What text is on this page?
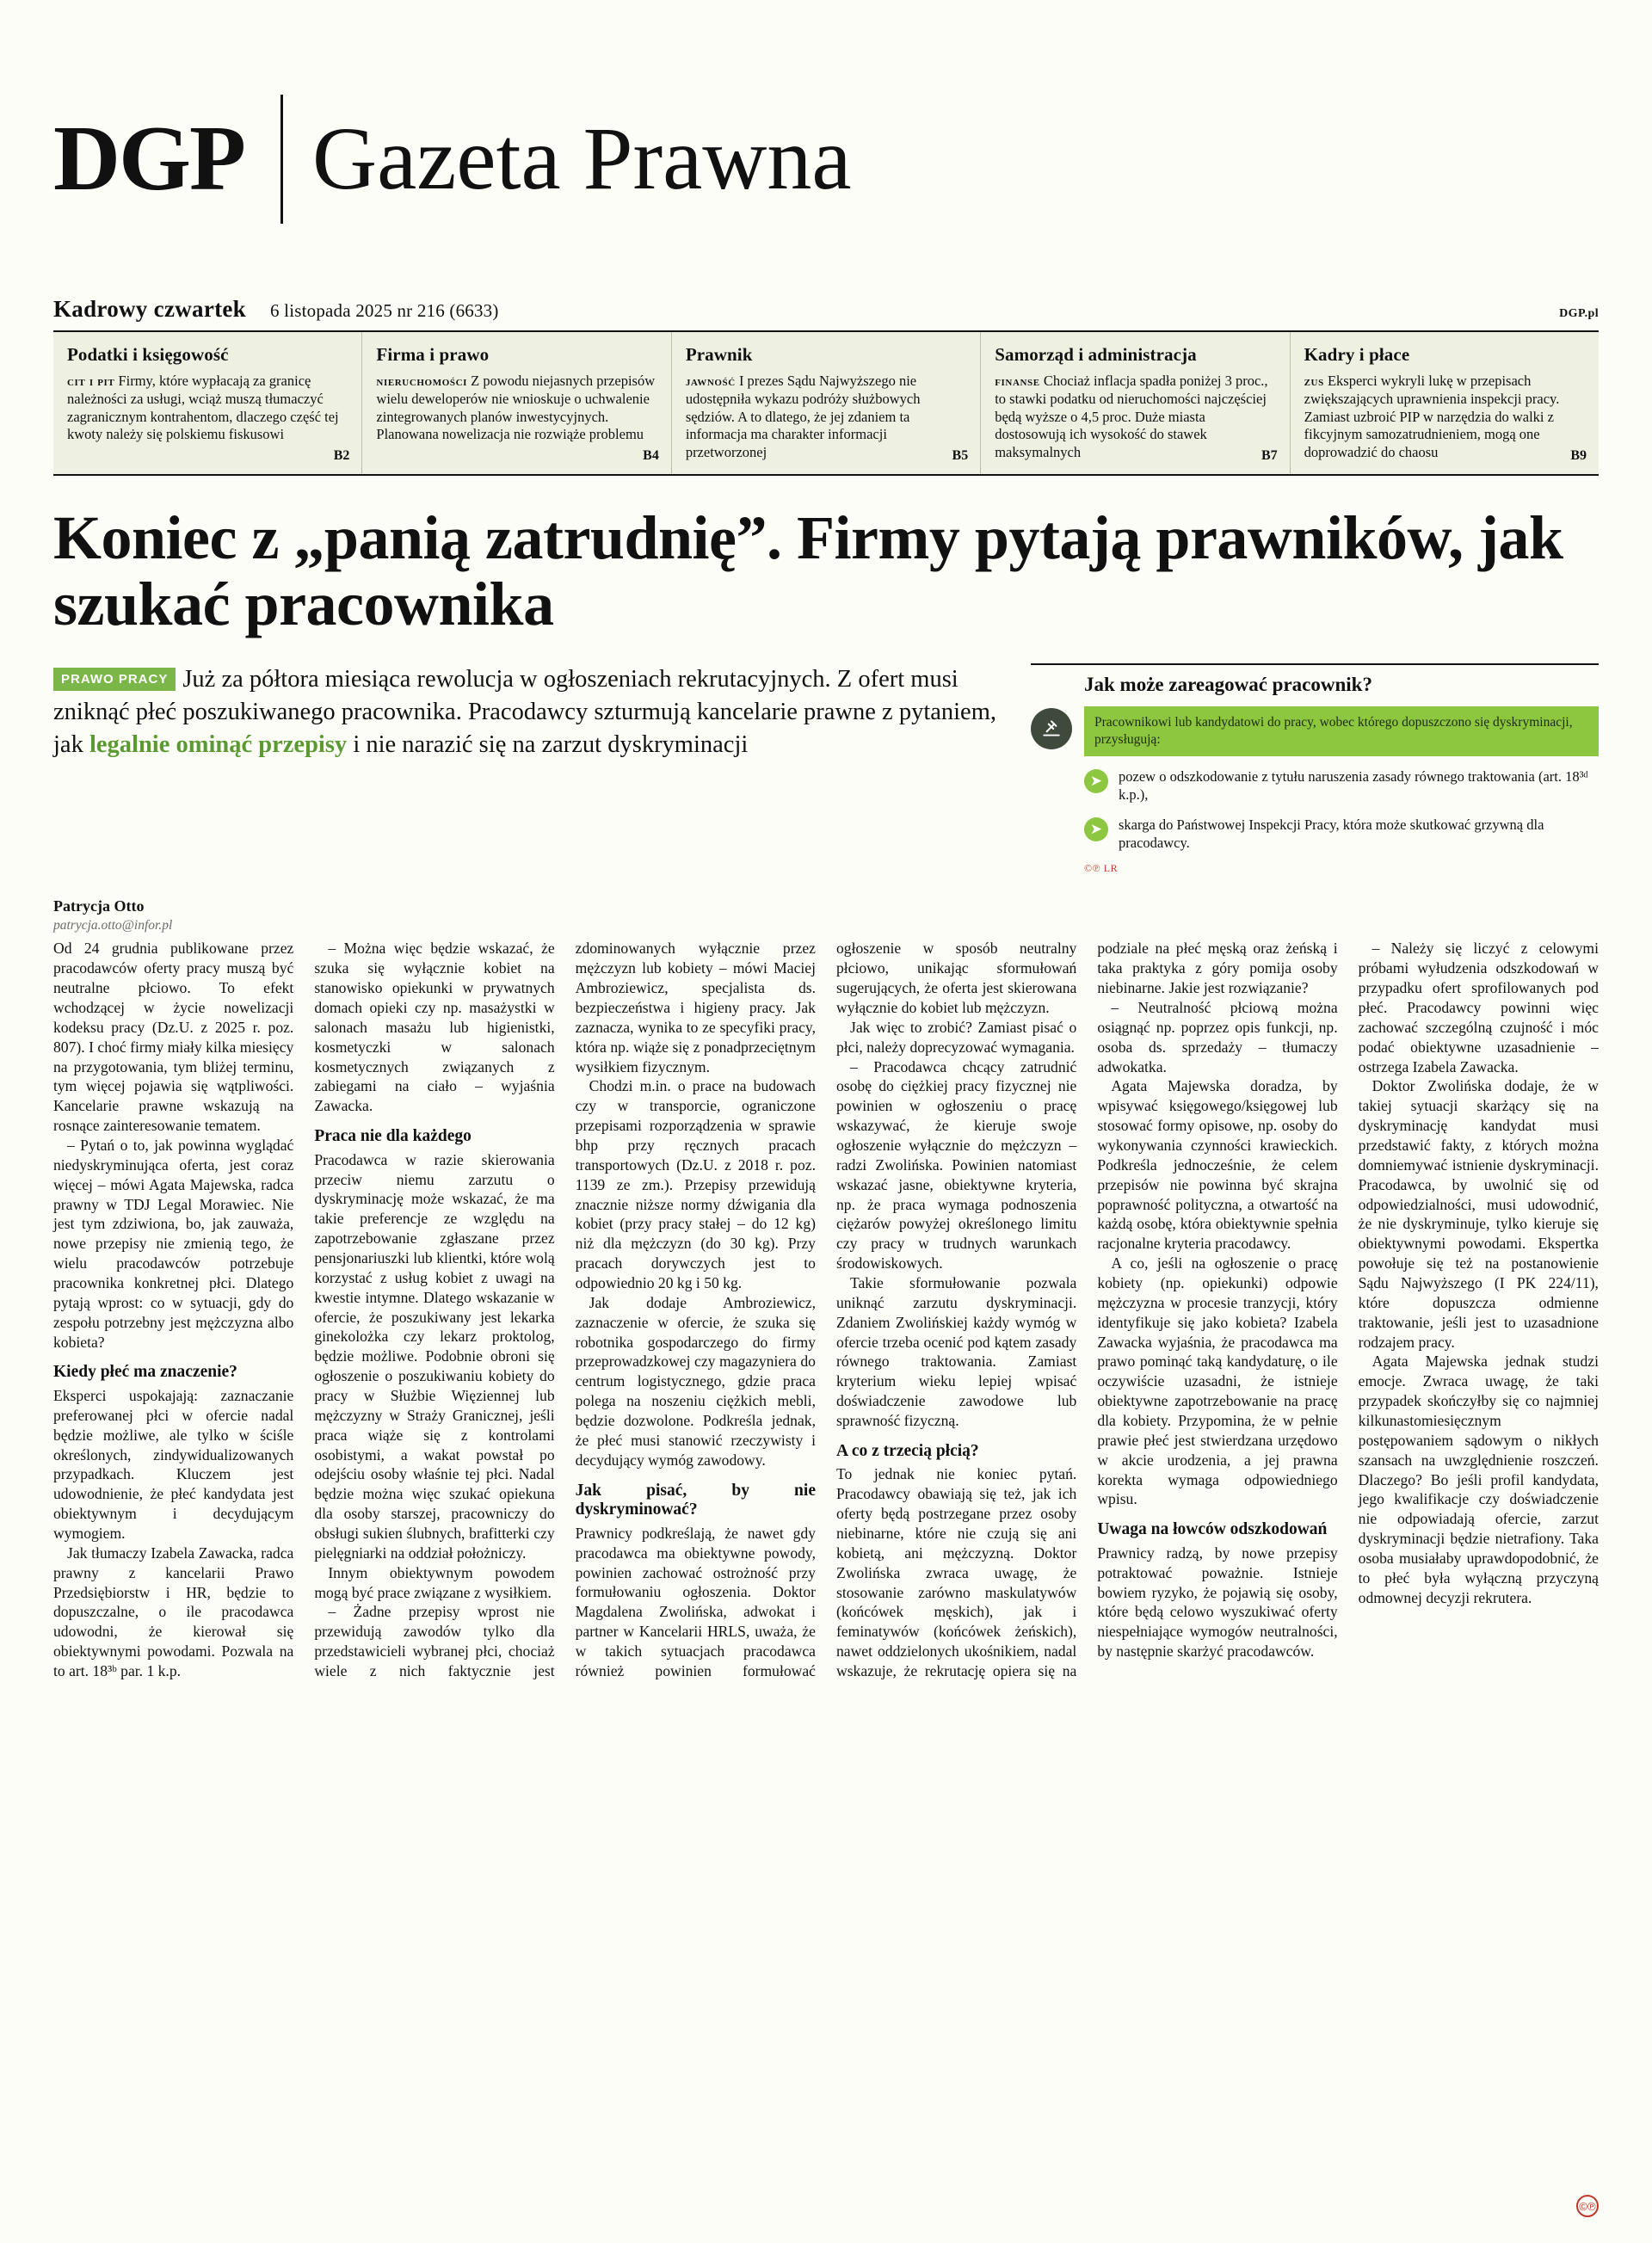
DGP Gazeta Prawna
Kadrowy czwartek 6 listopada 2025 nr 216 (6633)	DGP.pl
Podatki i księgowość

cit i pit Firmy, które wypłacają za granicę należności za usługi, wciąż muszą tłumaczyć zagranicznym kontrahentom, dlaczego część tej kwoty należy się polskiemu fiskusowi

B2
Firma i prawo

nieruchomości Z powodu niejasnych przepisów wielu deweloperów nie wnioskuje o uchwalenie zintegrowanych planów inwestycyjnych. Planowana nowelizacja nie rozwiąże problemu

B4
Prawnik

jawność I prezes Sądu Najwyższego nie udostępniła wykazu podróży służbowych sędziów. A to dlatego, że jej zdaniem ta informacja ma charakter informacji przetworzonej	B5
Samorząd i administracja

finanse Chociaż inflacja spadła poniżej 3 proc., to stawki podatku od nieruchomości najczęściej będą wyższe o 4,5 proc. Duże miasta dostosowują ich wysokość do stawek maksymalnych	B7
Kadry i płace

zus Eksperci wykryli lukę w przepisach zwiększających uprawnienia inspekcji pracy. Zamiast uzbroić PIP w narzędzia do walki z fikcyjnym samozatrudnieniem, mogą one doprowadzić do chaosu	B9
Koniec z „panią zatrudnię”. Firmy pytają prawników, jak szukać pracownika
PRAWO PRACY Już za półtora miesiąca rewolucja w ogłoszeniach rekrutacyjnych. Z ofert musi zniknąć płeć poszukiwanego pracownika. Pracodawcy szturmują kancelarie prawne z pytaniem, jak legalnie ominąć przepisy i nie narazić się na zarzut dyskryminacji
Jak może zareagować pracownik?
Pracownikowi lub kandydatowi do pracy, wobec którego dopuszczono się dyskryminacji, przysługują:
➤	pozew o odszkodowanie z tytułu naruszenia zasady równego traktowania (art. 18³ᵈ k.p.),

➤	skarga do Państwowej Inspekcji Pracy, która może skutkować grzywną dla pracodawcy.

©℗ LR
Patrycja Otto
patrycja.otto@infor.pl

Od 24 grudnia publikowane przez pracodawców oferty pracy muszą być neutralne płciowo. To efekt wchodzącej w życie nowelizacji kodeksu pracy (Dz.U. z 2025 r. poz. 807). I choć firmy miały kilka miesięcy na przygotowania, tym bliżej terminu, tym więcej pojawia się wątpliwości. Kancelarie prawne wskazują na rosnące zainteresowanie tematem.

– Pytań o to, jak powinna wyglądać niedyskryminująca oferta, jest coraz więcej – mówi Agata Majewska, radca prawny w TDJ Legal Morawiec. Nie jest tym zdziwiona, bo, jak zauważa, nowe przepisy nie zmienią tego, że wielu pracodawców potrzebuje pracownika konkretnej płci. Dlatego pytają wprost: co w sytuacji, gdy do zespołu potrzebny jest mężczyzna albo kobieta?

Kiedy płeć ma znaczenie?

Eksperci uspokajają: zaznaczanie preferowanej płci w ofercie nadal będzie możliwe, ale tylko w ściśle określonych, zindywidualizowanych przypadkach. Kluczem jest udowodnienie, że płeć kandydata jest obiektywnym i decydującym wymogiem.

Jak tłumaczy Izabela Zawacka, radca prawny z kancelarii Prawo Przedsiębiorstw i HR, będzie to dopuszczalne, o ile pracodawca udowodni, że kierował się obiektywnymi powodami. Pozwala na to art. 18³ᵇ par. 1 k.p.

– Można więc będzie wskazać, że szuka się wyłącznie kobiet na stanowisko opiekunki w prywatnych domach opieki czy np. masażystki w salonach masażu lub higienistki, kosmetyczki w salonach kosmetycznych związanych z zabiegami na ciało – wyjaśnia Zawacka.

Praca nie dla każdego

Pracodawca w razie skierowania przeciw niemu zarzutu o dyskryminację może wskazać, że ma takie preferencje ze względu na zapotrzebowanie zgłaszane przez pensjonariuszki lub klientki, które wolą korzystać z usług kobiet z uwagi na kwestie intymne. Dlatego wskazanie w ofercie, że poszukiwany jest lekarka ginekolożka czy lekarz proktolog, będzie możliwe. Podobnie obroni się ogłoszenie o poszukiwaniu kobiety do pracy w Służbie Więziennej lub mężczyzny w Straży Granicznej, jeśli praca wiąże się z kontrolami osobistymi, a wakat powstał po odejściu osoby właśnie tej płci. Nadal będzie można więc szukać opiekuna dla osoby starszej, pracowniczy do obsługi sukien ślubnych, brafitterki czy pielęgniarki na oddział położniczy.

Innym obiektywnym powodem mogą być prace związane z wysiłkiem.

– Żadne przepisy wprost nie przewidują zawodów tylko dla przedstawicieli wybranej płci, chociaż wiele z nich faktycznie jest zdominowanych wyłącznie przez mężczyzn lub kobiety – mówi Maciej Ambroziewicz, specjalista ds. bezpieczeństwa i higieny pracy. Jak zaznacza, wynika to ze specyfiki pracy, która np. wiąże się z ponadprzeciętnym wysiłkiem fizycznym.

Chodzi m.in. o prace na budowach czy w transporcie, ograniczone przepisami rozporządzenia w sprawie bhp przy ręcznych pracach transportowych (Dz.U. z 2018 r. poz. 1139 ze zm.). Przepisy przewidują znacznie niższe normy dźwigania dla kobiet (przy pracy stałej – do 12 kg) niż dla mężczyzn (do 30 kg). Przy pracach dorywczych jest to odpowiednio 20 kg i 50 kg.

Jak dodaje Ambroziewicz, zaznaczenie w ofercie, że szuka się robotnika gospodarczego do firmy przeprowadzkowej czy magazyniera do centrum logistycznego, gdzie praca polega na noszeniu ciężkich mebli, będzie dozwolone. Podkreśla jednak, że płeć musi stanowić rzeczywisty i decydujący wymóg zawodowy.

Jak pisać, by nie dyskryminować?

Prawnicy podkreślają, że nawet gdy pracodawca ma obiektywne powody, powinien zachować ostrożność przy formułowaniu ogłoszenia. Doktor Magdalena Zwolińska, adwokat i partner w Kancelarii HRLS, uważa, że w takich sytuacjach pracodawca również powinien formułować ogłoszenie w sposób neutralny płciowo, unikając sformułowań sugerujących, że oferta jest skierowana wyłącznie do kobiet lub mężczyzn.

Jak więc to zrobić? Zamiast pisać o płci, należy doprecyzować wymagania.

– Pracodawca chcący zatrudnić osobę do ciężkiej pracy fizycznej nie powinien w ogłoszeniu o pracę wskazywać, że kieruje swoje ogłoszenie wyłącznie do mężczyzn – radzi Zwolińska. Powinien natomiast wskazać jasne, obiektywne kryteria, np. że praca wymaga podnoszenia ciężarów powyżej określonego limitu czy pracy w trudnych warunkach środowiskowych.

Takie sformułowanie pozwala uniknąć zarzutu dyskryminacji. Zdaniem Zwolińskiej każdy wymóg w ofercie trzeba ocenić pod kątem zasady równego traktowania. Zamiast kryterium wieku lepiej wpisać doświadczenie zawodowe lub sprawność fizyczną.

A co z trzecią płcią?

To jednak nie koniec pytań. Pracodawcy obawiają się też, jak ich oferty będą postrzegane przez osoby niebinarne, które nie czują się ani kobietą, ani mężczyzną. Doktor Zwolińska zwraca uwagę, że stosowanie zarówno maskulatywów (końcówek męskich), jak i feminatywów (końcówek żeńskich), nawet oddzielonych ukośnikiem, nadal wskazuje, że rekrutację opiera się na podziale na płeć męską oraz żeńską i taka praktyka z góry pomija osoby niebinarne. Jakie jest rozwiązanie?

– Neutralność płciową można osiągnąć np. poprzez opis funkcji, np. osoba ds. sprzedaży – tłumaczy adwokatka.

Agata Majewska doradza, by wpisywać księgowego/księgowej lub stosować formy opisowe, np. osoby do wykonywania czynności krawieckich. Podkreśla jednocześnie, że celem przepisów nie powinna być skrajna poprawność polityczna, a otwartość na każdą osobę, która obiektywnie spełnia racjonalne kryteria pracodawcy.

A co, jeśli na ogłoszenie o pracę kobiety (np. opiekunki) odpowie mężczyzna w procesie tranzycji, który identyfikuje się jako kobieta? Izabela Zawacka wyjaśnia, że pracodawca ma prawo pominąć taką kandydaturę, o ile oczywiście uzasadni, że istnieje obiektywne zapotrzebowanie na pracę dla kobiety. Przypomina, że w pełnie prawie płeć jest stwierdzana urzędowo w akcie urodzenia, a jej prawna korekta wymaga odpowiedniego wpisu.

Uwaga na łowców odszkodowań

Prawnicy radzą, by nowe przepisy potraktować poważnie. Istnieje bowiem ryzyko, że pojawią się osoby, które będą celowo wyszukiwać oferty niespełniające wymogów neutralności, by następnie skarżyć pracodawców.

– Należy się liczyć z celowymi próbami wyłudzenia odszkodowań w przypadku ofert sprofilowanych pod płeć. Pracodawcy powinni więc zachować szczególną czujność i móc podać obiektywne uzasadnienie – ostrzega Izabela Zawacka.

Doktor Zwolińska dodaje, że w takiej sytuacji skarżący się na dyskryminację kandydat musi przedstawić fakty, z których można domniemywać istnienie dyskryminacji. Pracodawca, by uwolnić się od odpowiedzialności, musi udowodnić, że nie dyskryminuje, tylko kieruje się obiektywnymi powodami. Ekspertka powołuje się też na postanowienie Sądu Najwyższego (I PK 224/11), które dopuszcza odmienne traktowanie, jeśli jest to uzasadnione rodzajem pracy.

Agata Majewska jednak studzi emocje. Zwraca uwagę, że taki przypadek skończyłby się co najmniej kilkunastomiesięcznym postępowaniem sądowym o nikłych szansach na uwzględnienie roszczeń. Dlaczego? Bo jeśli profil kandydata, jego kwalifikacje czy doświadczenie nie odpowiadają ofercie, zarzut dyskryminacji będzie nietrafiony. Taka osoba musiałaby uprawdopodobnić, że to płeć była wyłączną przyczyną odmownej decyzji rekrutera.

©℗
